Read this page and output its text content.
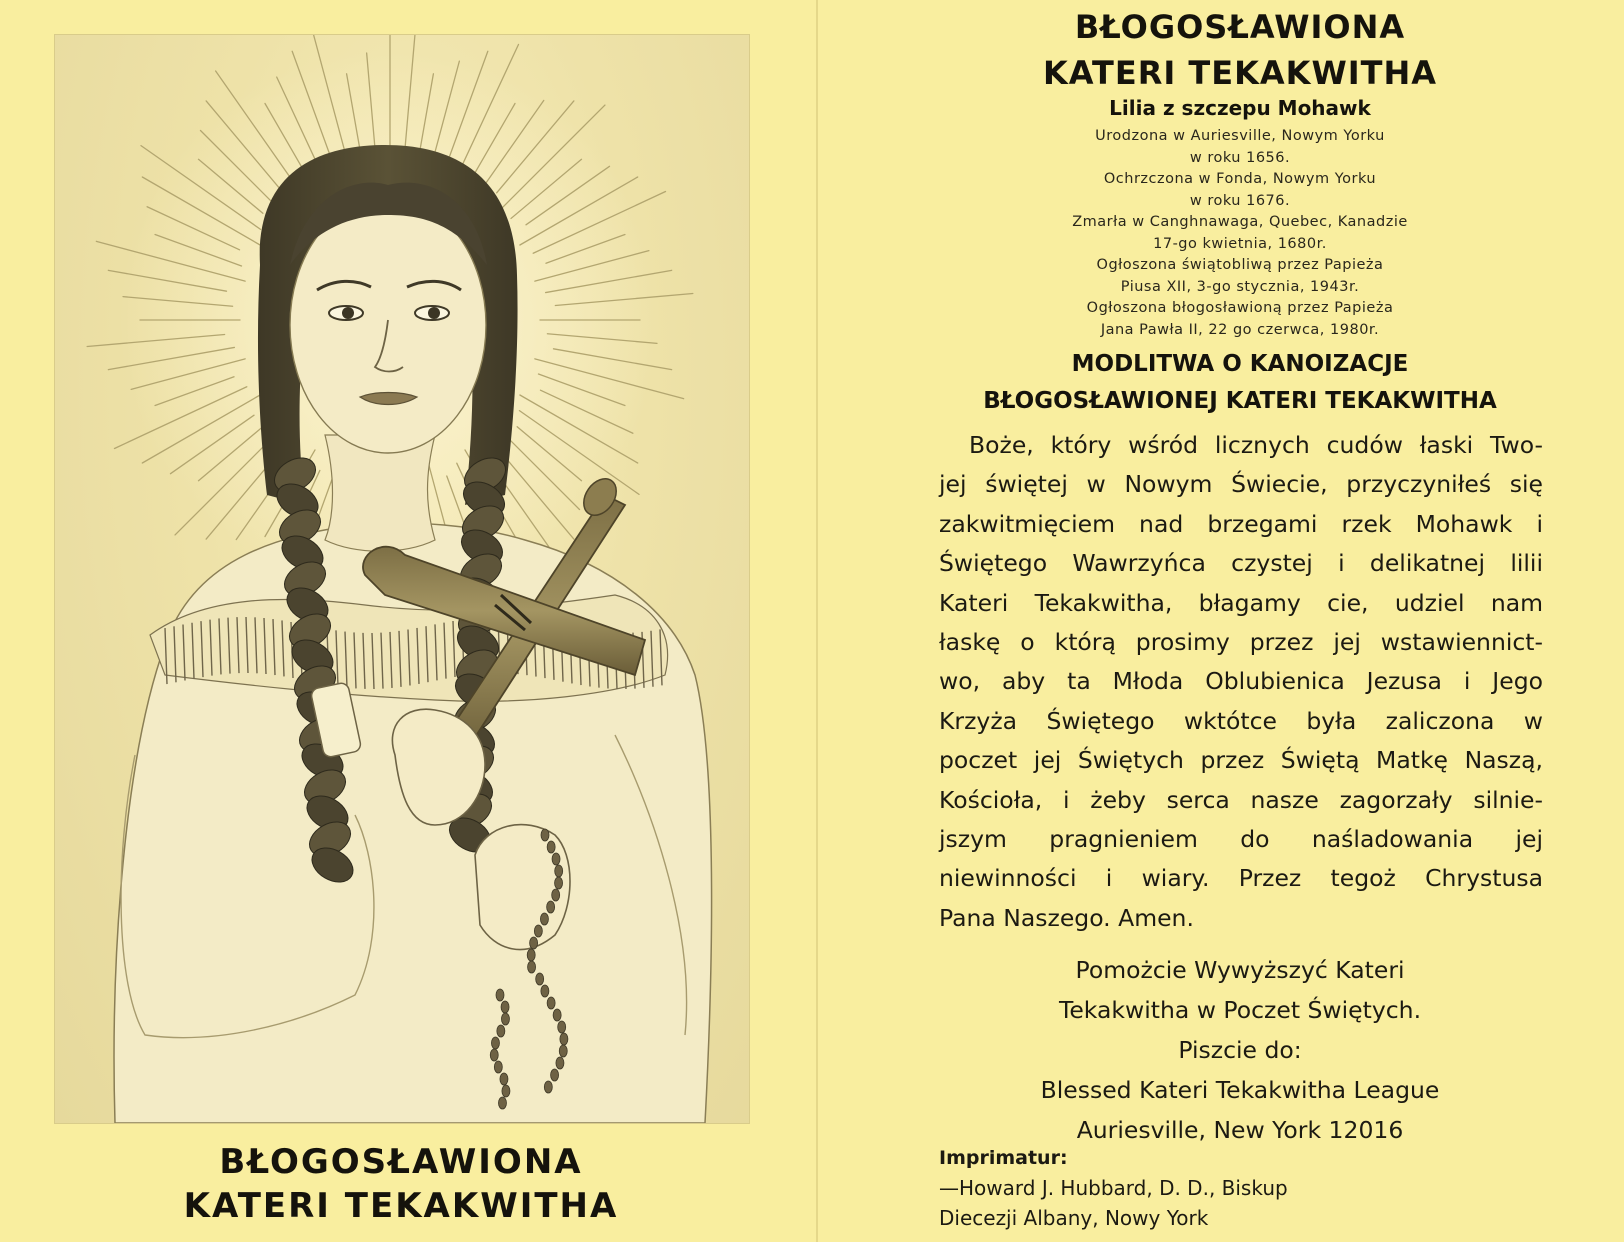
BŁOGOSŁAWIONA
KATERI TEKAKWITHA
BŁOGOSŁAWIONA
KATERI TEKAKWITHA
Lilia z szczepu Mohawk
Urodzona w Auriesville, Nowym Yorku
w roku 1656.
Ochrzczona w Fonda, Nowym Yorku
w roku 1676.
Zmarła w Canghnawaga, Quebec, Kanadzie
17-go kwietnia, 1680r.
Ogłoszona świątobliwą przez Papieża
Piusa XII, 3-go stycznia, 1943r.
Ogłoszona błogosławioną przez Papieża
Jana Pawła II, 22 go czerwca, 1980r.
MODLITWA O KANOIZACJE
BŁOGOSŁAWIONEJ KATERI TEKAKWITHA
Boże, który wśród licznych cudów łaski Two-
jej świętej w Nowym Świecie, przyczyniłeś się
zakwitmięciem nad brzegami rzek Mohawk i
Świętego Wawrzyńca czystej i delikatnej lilii
Kateri Tekakwitha, błagamy cie, udziel nam
łaskę o którą prosimy przez jej wstawiennict-
wo, aby ta Młoda Oblubienica Jezusa i Jego
Krzyża Świętego wktótce była zaliczona w
poczet jej Świętych przez Świętą Matkę Naszą,
Kościoła, i żeby serca nasze zagorzały silnie-
jszym pragnieniem do naśladowania jej
niewinności i wiary. Przez tegoż Chrystusa
Pana Naszego. Amen.
Pomożcie Wywyższyć Kateri
Tekakwitha w Poczet Świętych.
Piszcie do:
Blessed Kateri Tekakwitha League
Auriesville, New York 12016
Imprimatur:
—Howard J. Hubbard, D. D., Biskup
Diecezji Albany, Nowy York
